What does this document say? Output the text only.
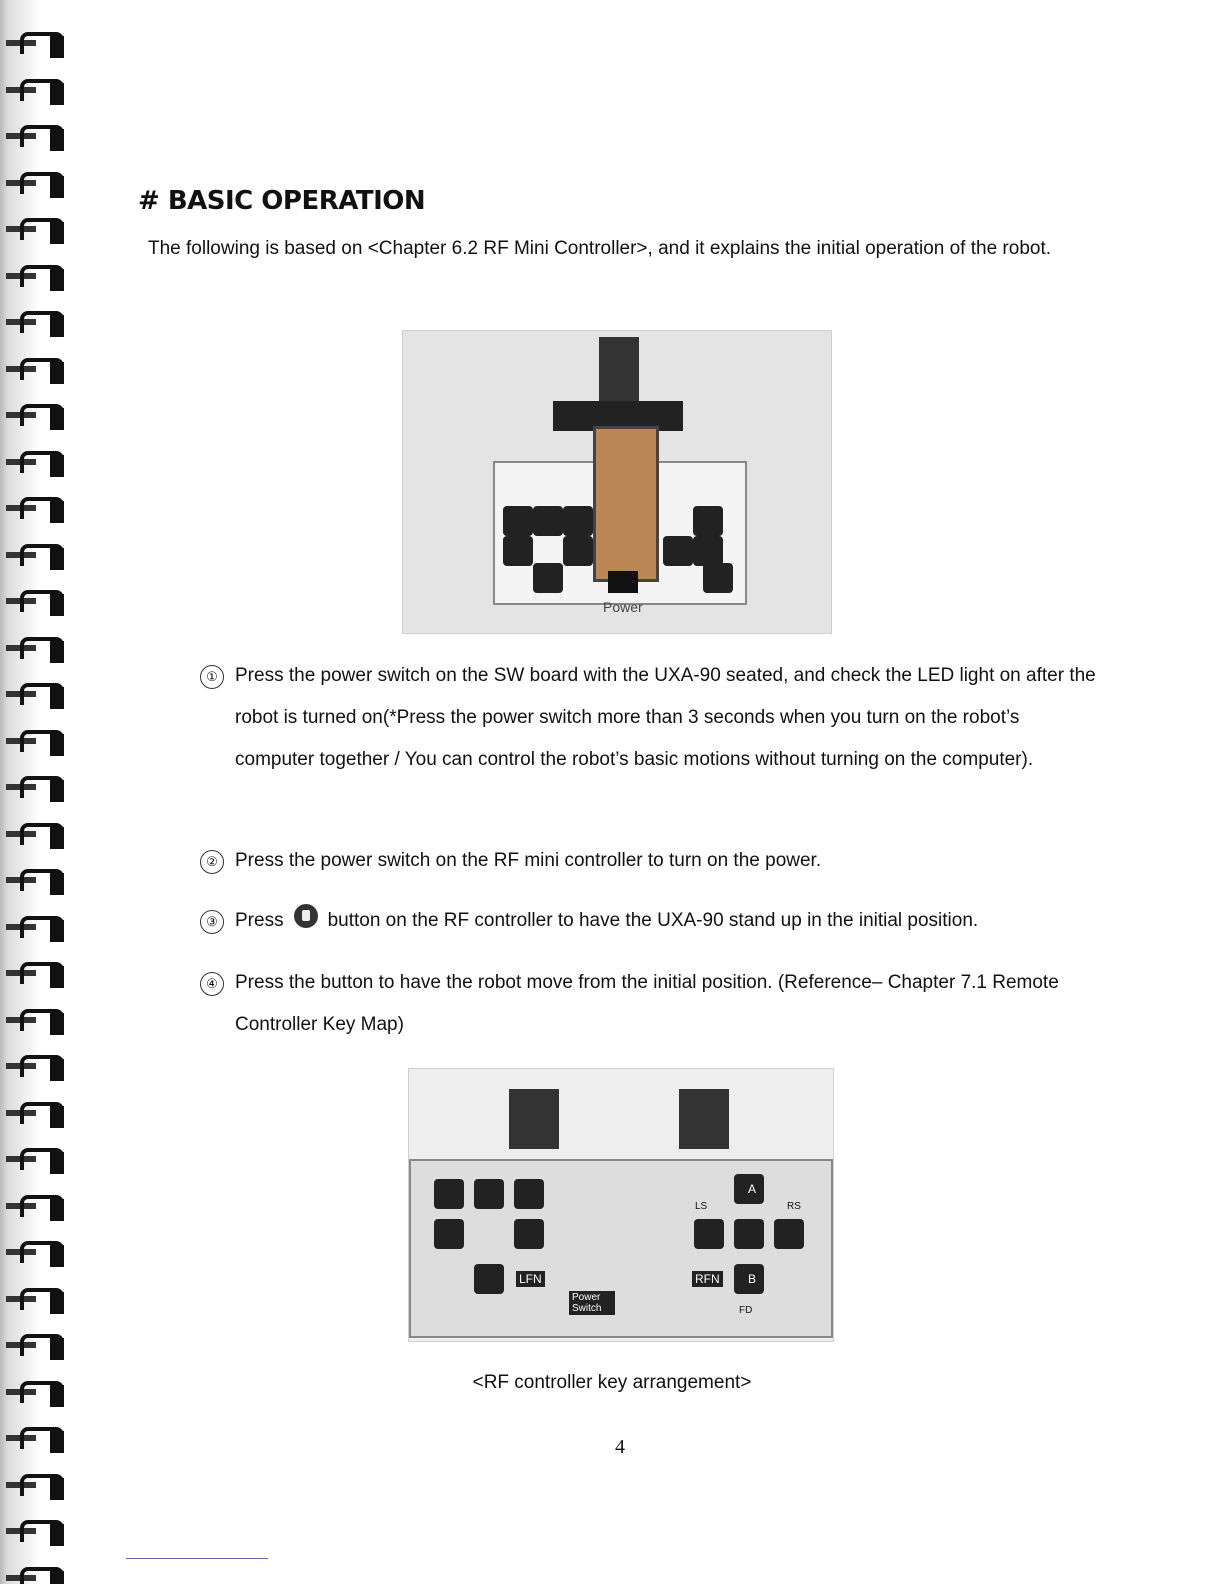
# BASIC OPERATION
The following is based on <Chapter 6.2 RF Mini Controller>, and it explains the initial operation of the robot.
Power
① Press the power switch on the SW board with the UXA-90 seated, and check the LED light on after the robot is turned on(*Press the power switch more than 3 seconds when you turn on the robot’s computer together / You can control the robot’s basic motions without turning on the computer).
② Press the power switch on the RF mini controller to turn on the power.
③ Press button on the RF controller to have the UXA-90 stand up in the initial position.
④ Press the button to have the robot move from the initial position. (Reference– Chapter 7.1 Remote Controller Key Map)
LFN
A
LS	RS
RFN B
FD
Power Switch
<RF controller key arrangement>
4
